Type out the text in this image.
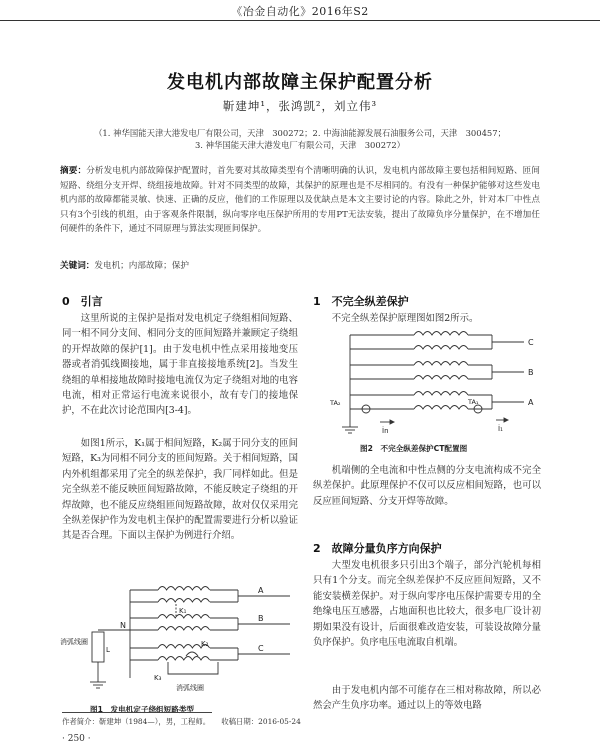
《冶金自动化》2016年S2
发电机内部故障主保护配置分析
靳建坤¹，张鸿凯²，刘立伟³
（1. 神华国能天津大港发电厂有限公司，天津　300272；2. 中海油能源发展石油服务公司，天津　300457；
3. 神华国能天津大港发电厂有限公司，天津　300272）
摘要：分析发电机内部故障保护配置时，首先要对其故障类型有个清晰明确的认识，发电机内部故障主要包括相间短路、匝间短路、绕组分支开焊、绕组接地故障。针对不同类型的故障，其保护的原理也是不尽相同的。有没有一种保护能够对这些发电机内部的故障都能灵敏、快速、正确的反应，他们的工作原理以及优缺点是本文主要讨论的内容。除此之外，针对本厂中性点只有3个引线的机组，由于客观条件限制，纵向零序电压保护所用的专用PT无法安装，提出了故障负序分量保护，在不增加任何硬件的条件下，通过不同原理与算法实现匝间保护。
关键词：发电机；内部故障；保护
0　引言
这里所说的主保护是指对发电机定子绕组相间短路、同一相不同分支间、相同分支的匝间短路并兼顾定子绕组的开焊故障的保护[1]。由于发电机中性点采用接地变压器或者消弧线圈接地，属于非直接接地系统[2]。当发生绕组的单相接地故障时接地电流仅为定子绕组对地的电容电流，相对正常运行电流来说很小，故有专门的接地保护，不在此次讨论范围内[3-4]。
如图1所示，K₁属于相间短路，K₂属于同分支的匝间短路，K₃为同相不同分支的匝间短路。关于相间短路，国内外机组都采用了完全的纵差保护，我厂同样如此。但是完全纵差不能反映匝间短路故障，不能反映定子绕组的开焊故障，也不能反应绕组匝间短路故障，故对仅仅采用完全纵差保护作为发电机主保护的配置需要进行分析以验证其是否合理。下面以主保护为例进行介绍。
A
B
C
N
K₁
K₂
K₃
消弧线圈
L
消弧线圈
图1　发电机定子绕组短路类型
1　不完全纵差保护
不完全纵差保护原理图如图2所示。
C
B
A
TA₁
TA₂
İn	İ₁
图2　不完全纵差保护CT配置图
机端侧的全电流和中性点侧的分支电流构成不完全纵差保护。此原理保护不仅可以反应相间短路，也可以反应匝间短路、分支开焊等故障。
2　故障分量负序方向保护
大型发电机很多只引出3个端子，部分汽轮机每相只有1个分支。而完全纵差保护不反应匝间短路，又不能安装横差保护。对于纵向零序电压保护需要专用的全绝缘电压互感器，占地面积也比较大，很多电厂设计初期如果没有设计，后面很难改造安装，可装设故障分量负序保护。负序电压电流取自机端。
由于发电机内部不可能存在三相对称故障，所以必然会产生负序功率。通过以上的等效电路
作者简介：靳建坤（1984—），男，工程师。　　收稿日期：2016-05-24
· 250 ·
